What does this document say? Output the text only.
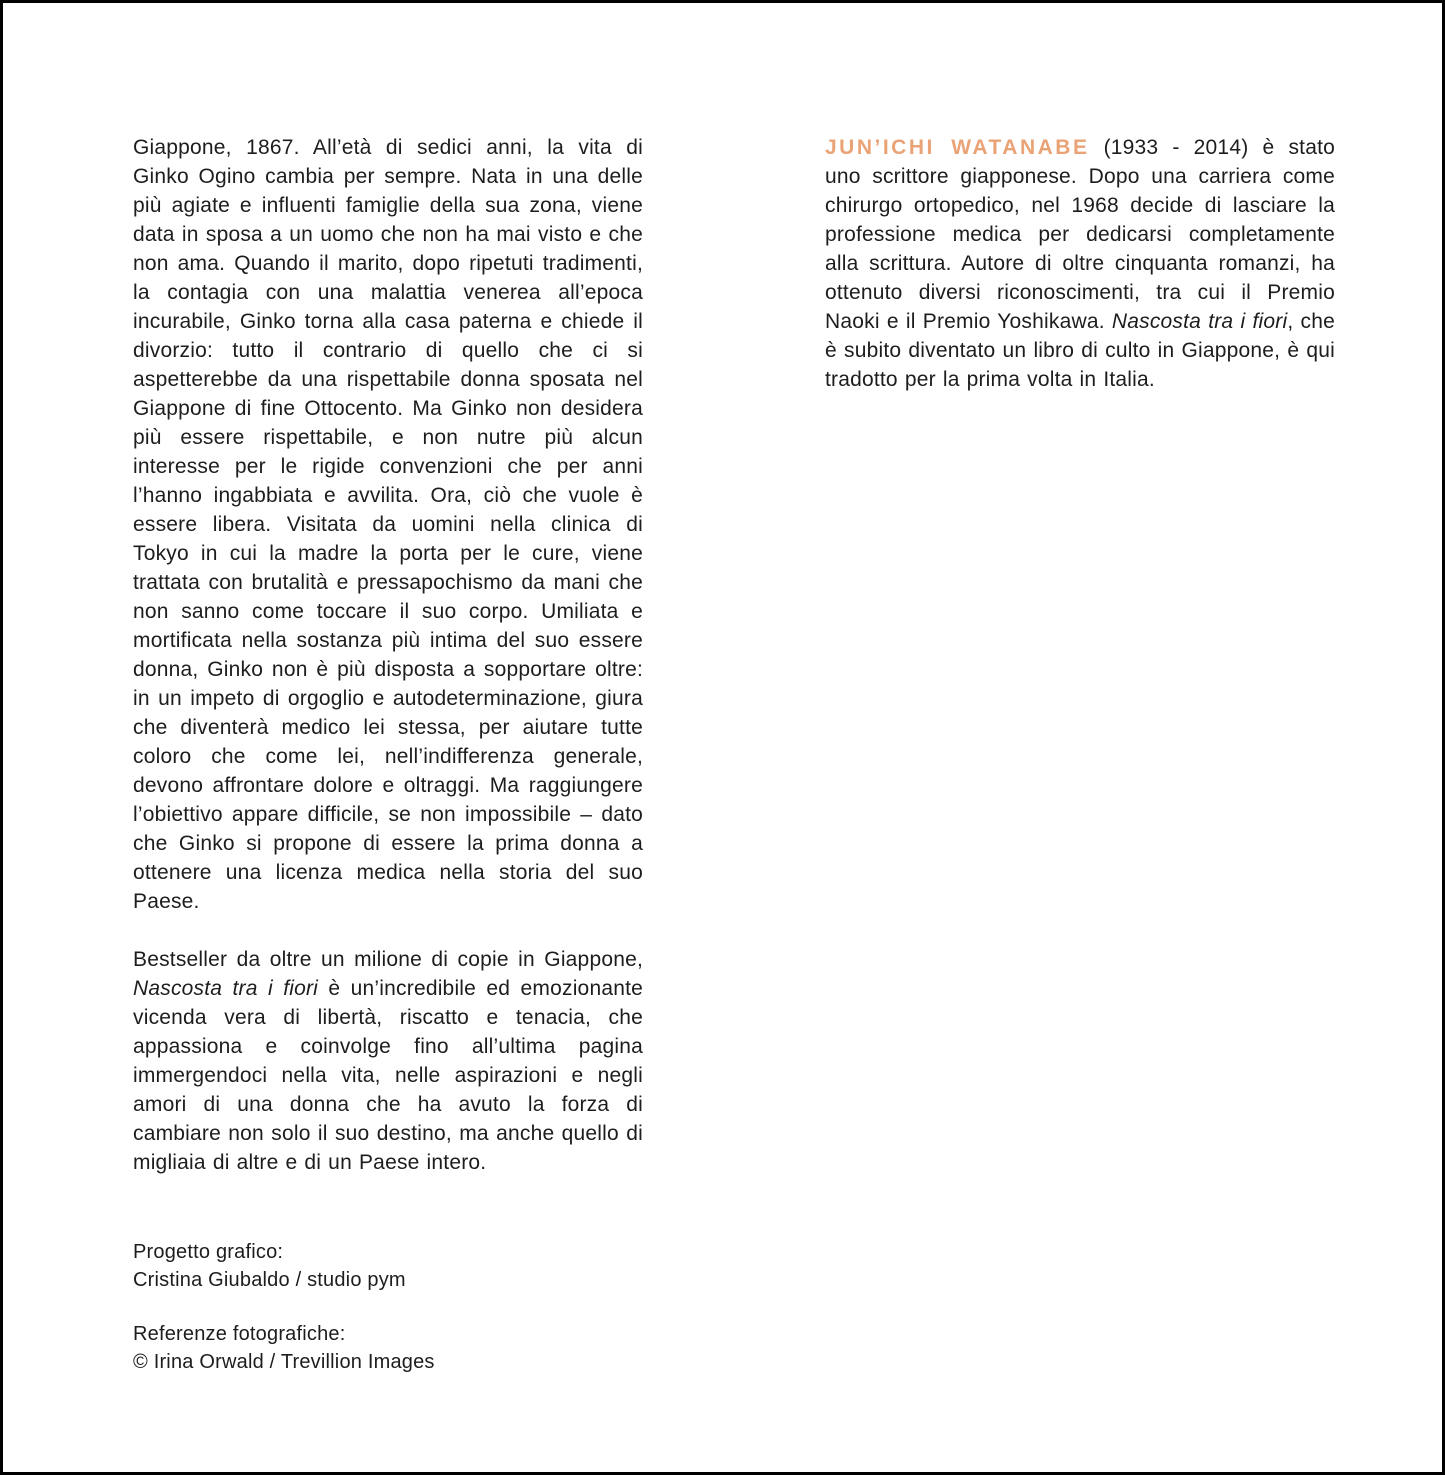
Giappone, 1867. All’età di sedici anni, la vita di Ginko Ogino cambia per sempre. Nata in una delle più agiate e influenti famiglie della sua zona, viene data in sposa a un uomo che non ha mai visto e che non ama. Quando il marito, dopo ripetuti tradimenti, la contagia con una malattia venerea all’epoca incurabile, Ginko torna alla casa paterna e chiede il divorzio: tutto il contrario di quello che ci si aspetterebbe da una rispettabile donna sposata nel Giappone di fine Ottocento. Ma Ginko non desidera più essere rispettabile, e non nutre più alcun interesse per le rigide convenzioni che per anni l’hanno ingabbiata e avvilita. Ora, ciò che vuole è essere libera. Visitata da uomini nella clinica di Tokyo in cui la madre la porta per le cure, viene trattata con brutalità e pressapochismo da mani che non sanno come toccare il suo corpo. Umiliata e mortificata nella sostanza più intima del suo essere donna, Ginko non è più disposta a sopportare oltre: in un impeto di orgoglio e autodeterminazione, giura che diventerà medico lei stessa, per aiutare tutte coloro che come lei, nell’indifferenza generale, devono affrontare dolore e oltraggi. Ma raggiungere l’obiettivo appare difficile, se non impossibile – dato che Ginko si propone di essere la prima donna a ottenere una licenza medica nella storia del suo Paese.

Bestseller da oltre un milione di copie in Giappone, Nascosta tra i fiori è un’incredibile ed emozionante vicenda vera di libertà, riscatto e tenacia, che appassiona e coinvolge fino all’ultima pagina immergendoci nella vita, nelle aspirazioni e negli amori di una donna che ha avuto la forza di cambiare non solo il suo destino, ma anche quello di migliaia di altre e di un Paese intero.

Progetto grafico:
Cristina Giubaldo / studio pym

Referenze fotografiche:
© Irina Orwald / Trevillion Images

JUN’ICHI WATANABE (1933 - 2014) è stato uno scrittore giapponese. Dopo una carriera come chirurgo ortopedico, nel 1968 decide di lasciare la professione medica per dedicarsi completamente alla scrittura. Autore di oltre cinquanta romanzi, ha ottenuto diversi riconoscimenti, tra cui il Premio Naoki e il Premio Yoshikawa. Nascosta tra i fiori, che è subito diventato un libro di culto in Giappone, è qui tradotto per la prima volta in Italia.
